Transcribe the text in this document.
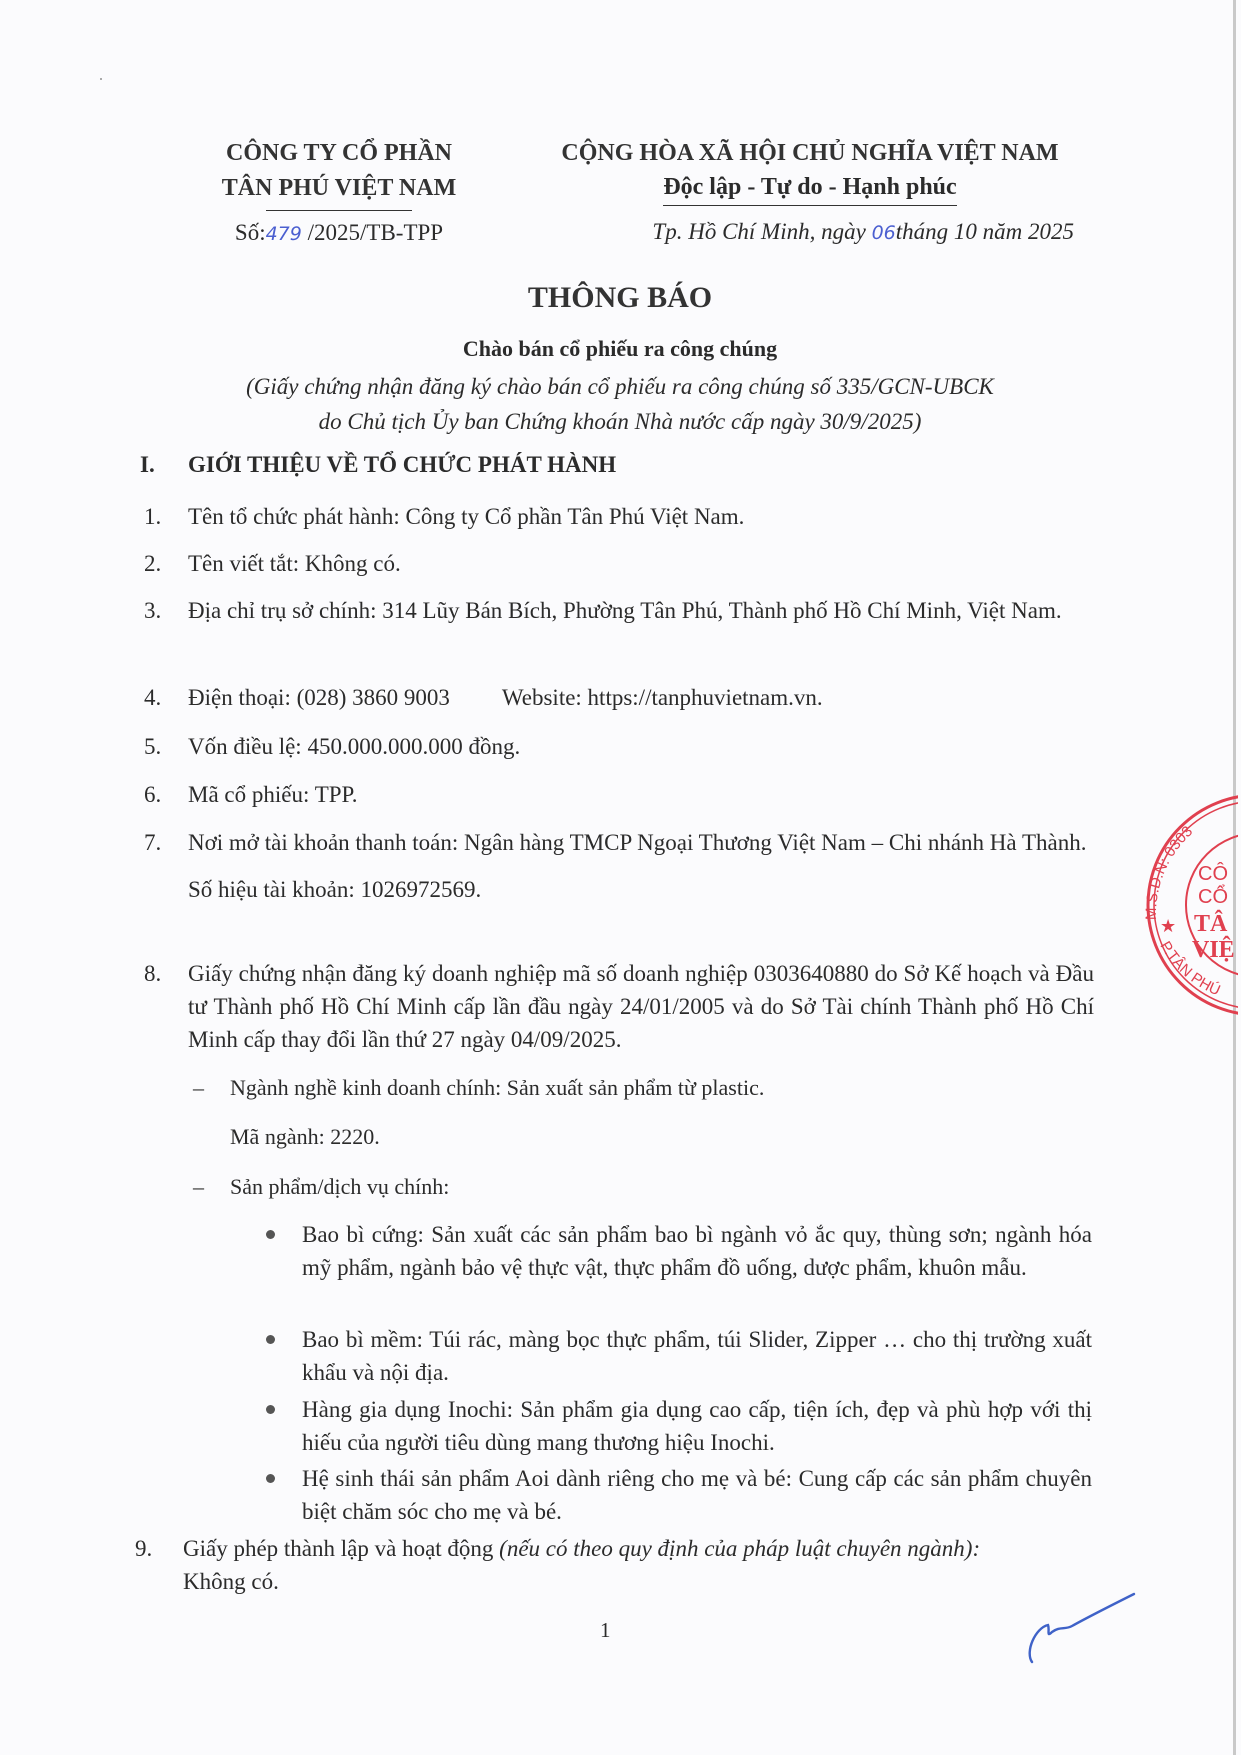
CÔNG TY CỔ PHẦN
TÂN PHÚ VIỆT NAM
Số:479 /2025/TB-TPP
CỘNG HÒA XÃ HỘI CHỦ NGHĨA VIỆT NAM
Độc lập - Tự do - Hạnh phúc
Tp. Hồ Chí Minh, ngày 06tháng 10 năm 2025
THÔNG BÁO
Chào bán cổ phiếu ra công chúng
(Giấy chứng nhận đăng ký chào bán cổ phiếu ra công chúng số 335/GCN-UBCK
do Chủ tịch Ủy ban Chứng khoán Nhà nước cấp ngày 30/9/2025)
I. GIỚI THIỆU VỀ TỔ CHỨC PHÁT HÀNH
1.	Tên tổ chức phát hành: Công ty Cổ phần Tân Phú Việt Nam.
2.	Tên viết tắt: Không có.
3.	Địa chỉ trụ sở chính: 314 Lũy Bán Bích, Phường Tân Phú, Thành phố Hồ Chí Minh, Việt Nam.
4.	Điện thoại: (028) 3860 9003 Website: https://tanphuvietnam.vn.
5.	Vốn điều lệ: 450.000.000.000 đồng.
6.	Mã cổ phiếu: TPP.
7.	Nơi mở tài khoản thanh toán: Ngân hàng TMCP Ngoại Thương Việt Nam – Chi nhánh Hà Thành.
Số hiệu tài khoản: 1026972569.
8.	Giấy chứng nhận đăng ký doanh nghiệp mã số doanh nghiệp 0303640880 do Sở Kế hoạch và Đầu tư Thành phố Hồ Chí Minh cấp lần đầu ngày 24/01/2005 và do Sở Tài chính Thành phố Hồ Chí Minh cấp thay đổi lần thứ 27 ngày 04/09/2025.
– Ngành nghề kinh doanh chính: Sản xuất sản phẩm từ plastic.
Mã ngành: 2220.
– Sản phẩm/dịch vụ chính:
Bao bì cứng: Sản xuất các sản phẩm bao bì ngành vỏ ắc quy, thùng sơn; ngành hóa mỹ phẩm, ngành bảo vệ thực vật, thực phẩm đồ uống, dược phẩm, khuôn mẫu.
Bao bì mềm: Túi rác, màng bọc thực phẩm, túi Slider, Zipper … cho thị trường xuất khẩu và nội địa.
Hàng gia dụng Inochi: Sản phẩm gia dụng cao cấp, tiện ích, đẹp và phù hợp với thị hiếu của người tiêu dùng mang thương hiệu Inochi.
Hệ sinh thái sản phẩm Aoi dành riêng cho mẹ và bé: Cung cấp các sản phẩm chuyên biệt chăm sóc cho mẹ và bé.
9.	Giấy phép thành lập và hoạt động (nếu có theo quy định của pháp luật chuyên ngành):
Không có.
1
M.S.D.N: 0303
P.TÂN PHÚ
★
CÔ
CỔ
TÂ
VIỆ
